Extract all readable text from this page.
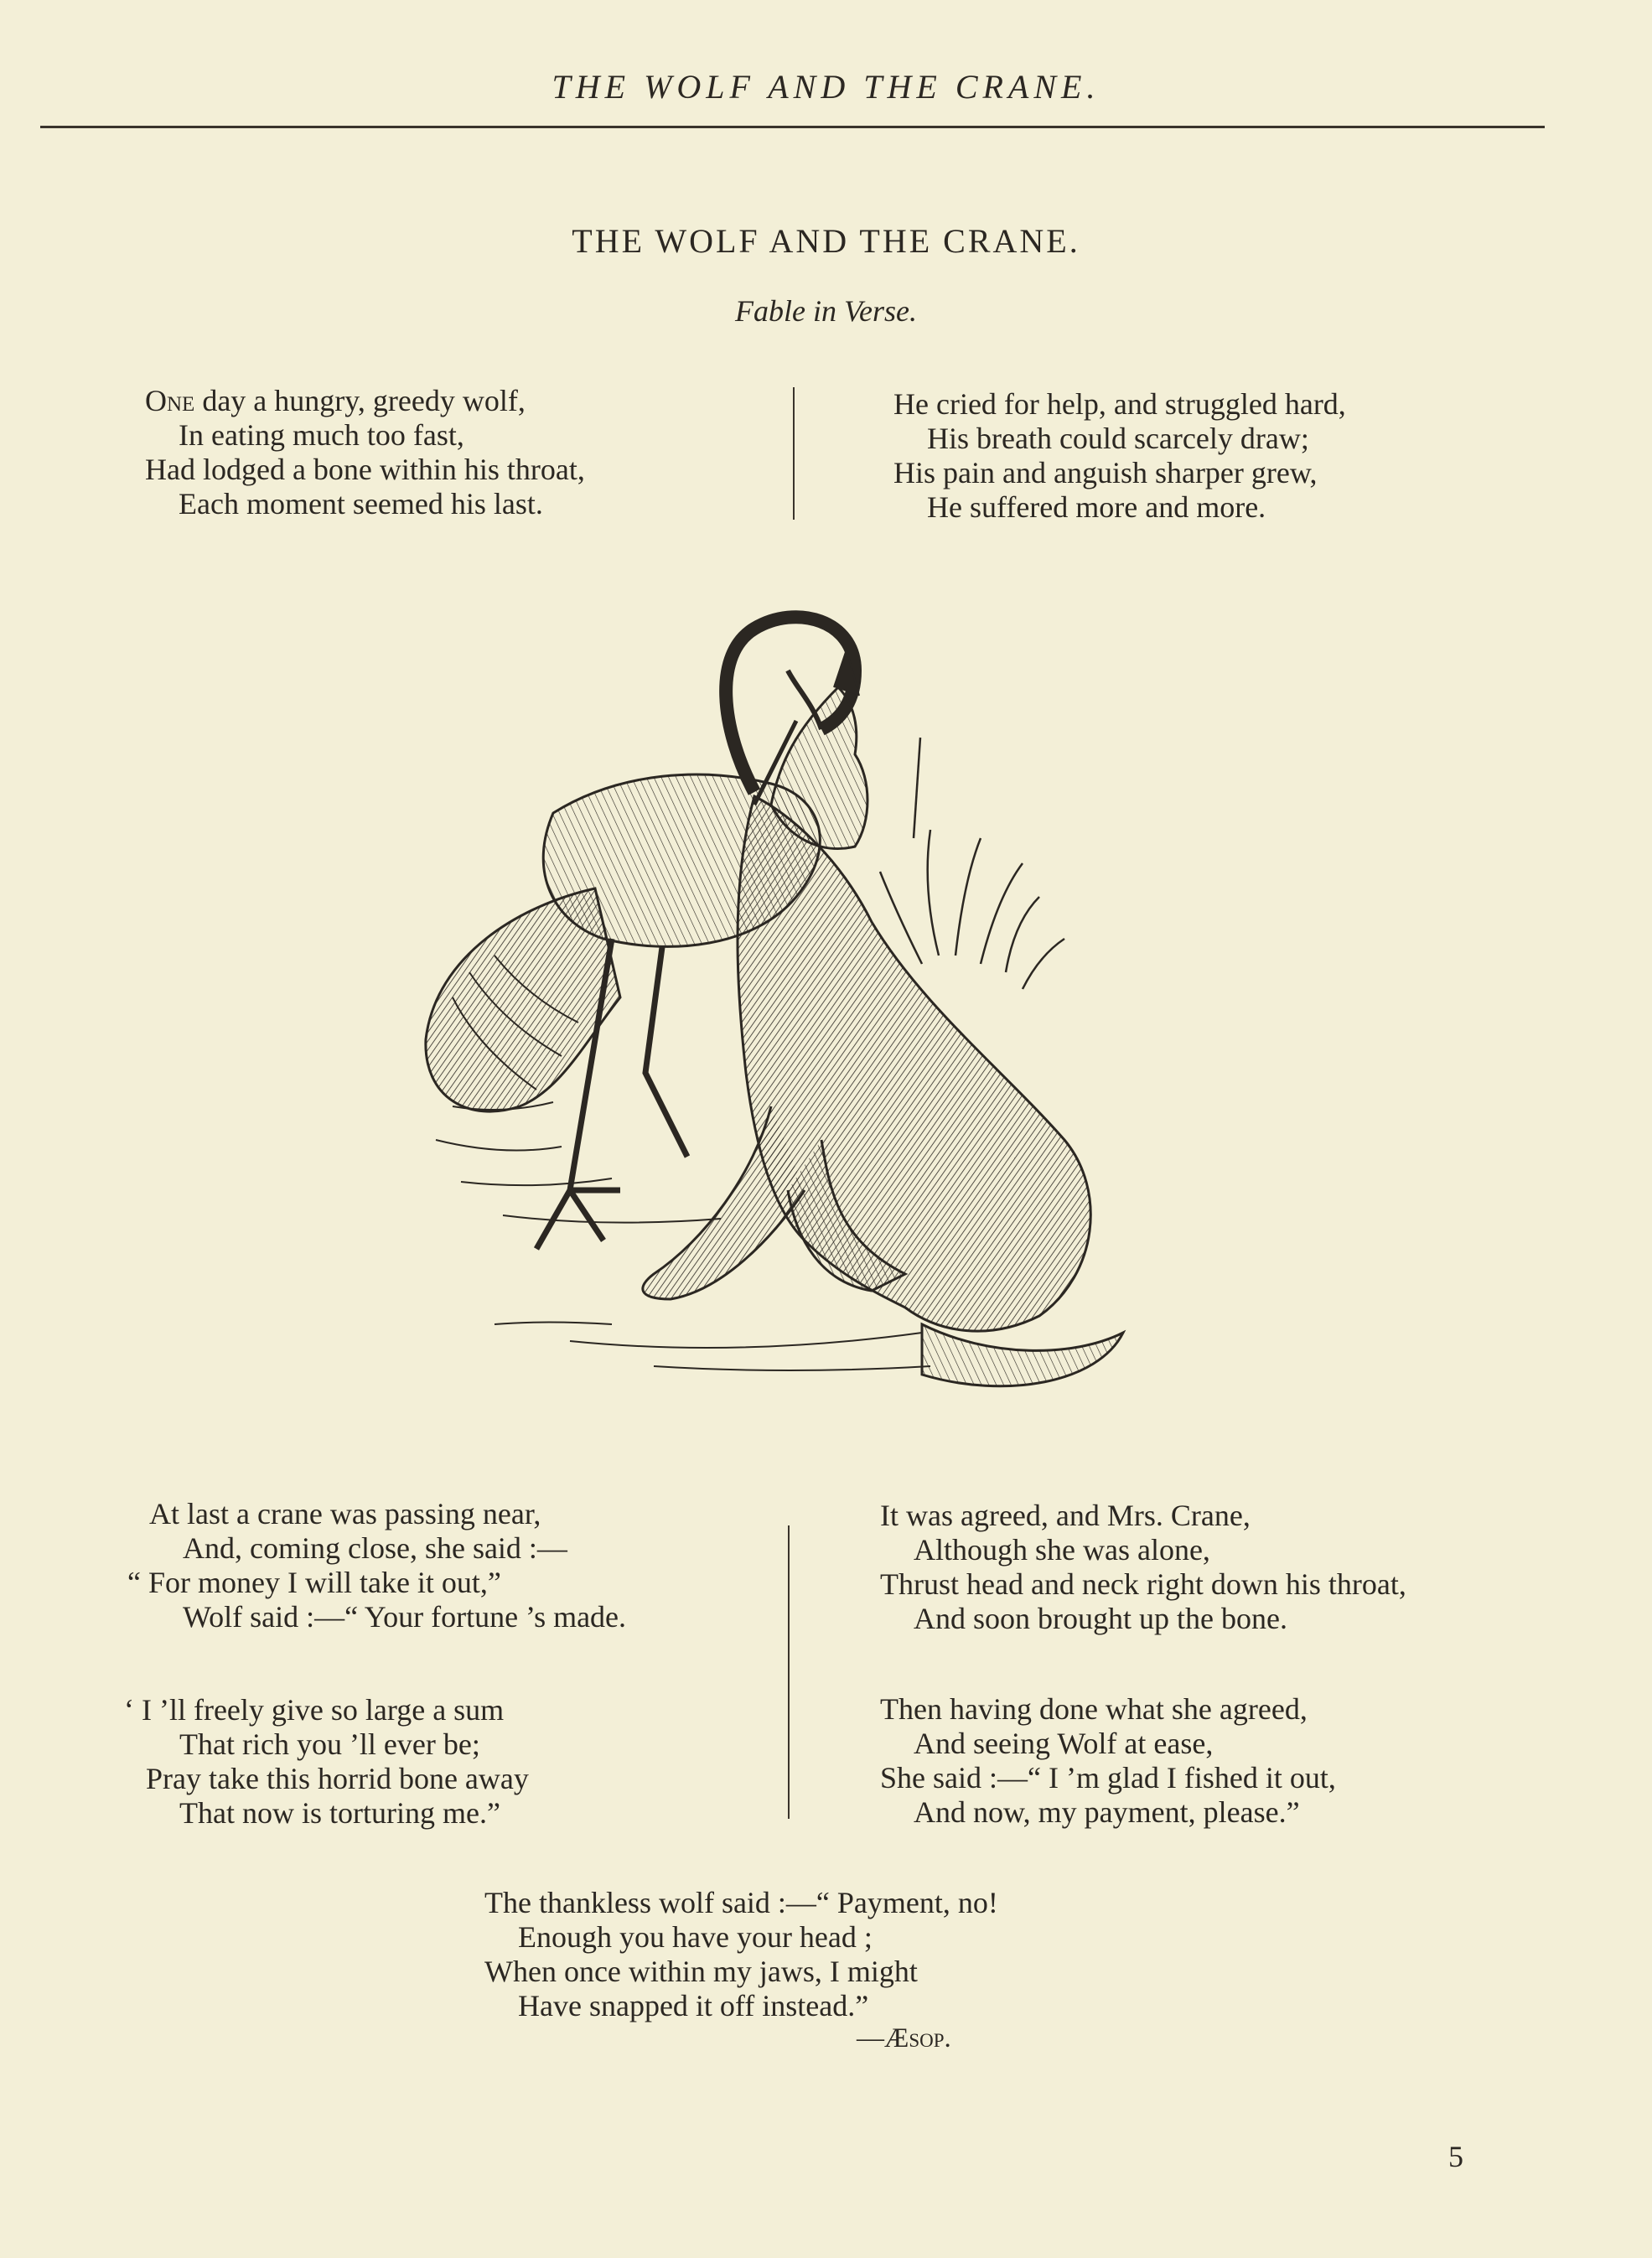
THE WOLF AND THE CRANE.
THE WOLF AND THE CRANE.
Fable in Verse.
One day a hungry, greedy wolf,
In eating much too fast,
Had lodged a bone within his throat,
Each moment seemed his last.
He cried for help, and struggled hard,
His breath could scarcely draw;
His pain and anguish sharper grew,
He suffered more and more.
At last a crane was passing near,
And, coming close, she said :—
“ For money I will take it out,”
Wolf said :—“ Your fortune ’s made.
‘ I ’ll freely give so large a sum
That rich you ’ll ever be;
Pray take this horrid bone away
That now is torturing me.”
It was agreed, and Mrs. Crane,
Although she was alone,
Thrust head and neck right down his throat,
And soon brought up the bone.
Then having done what she agreed,
And seeing Wolf at ease,
She said :—“ I ’m glad I fished it out,
And now, my payment, please.”
The thankless wolf said :—“ Payment, no!
Enough you have your head ;
When once within my jaws, I might
Have snapped it off instead.”
—Æsop.
5
